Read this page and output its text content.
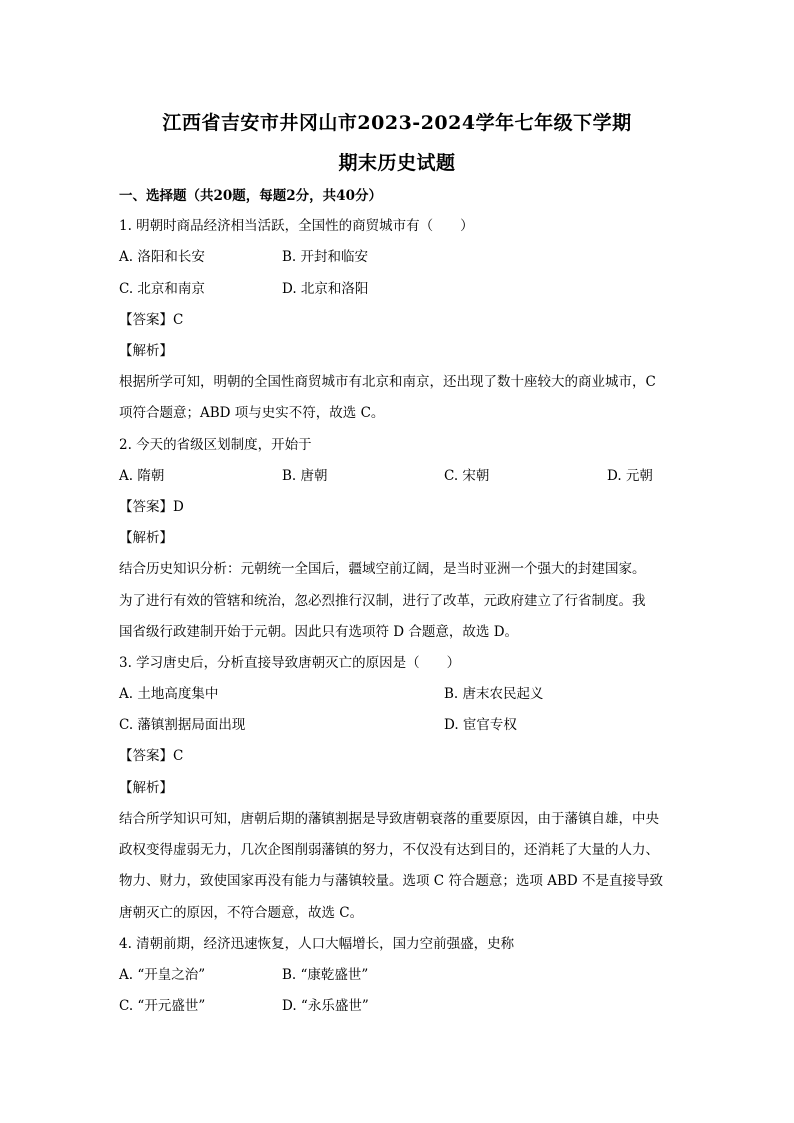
江西省吉安市井冈山市2023-2024学年七年级下学期
期末历史试题
一、选择题（共20题，每题2分，共40分）
1. 明朝时商品经济相当活跃，全国性的商贸城市有（　　）
A. 洛阳和长安	B. 开封和临安
C. 北京和南京	D. 北京和洛阳
【答案】C
【解析】
根据所学可知，明朝的全国性商贸城市有北京和南京，还出现了数十座较大的商业城市，C
项符合题意；ABD 项与史实不符，故选 C。
2. 今天的省级区划制度，开始于
A. 隋朝	B. 唐朝	C. 宋朝	D. 元朝
【答案】D
【解析】
结合历史知识分析：元朝统一全国后，疆域空前辽阔，是当时亚洲一个强大的封建国家。
为了进行有效的管辖和统治，忽必烈推行汉制，进行了改革，元政府建立了行省制度。我
国省级行政建制开始于元朝。因此只有选项符 D 合题意，故选 D。
3. 学习唐史后，分析直接导致唐朝灭亡的原因是（　　）
A. 土地高度集中	B. 唐末农民起义
C. 藩镇割据局面出现	D. 宦官专权
【答案】C
【解析】
结合所学知识可知，唐朝后期的藩镇割据是导致唐朝衰落的重要原因，由于藩镇自雄，中央
政权变得虚弱无力，几次企图削弱藩镇的努力，不仅没有达到目的，还消耗了大量的人力、
物力、财力，致使国家再没有能力与藩镇较量。选项 C 符合题意；选项 ABD 不是直接导致
唐朝灭亡的原因，不符合题意，故选 C。
4. 清朝前期，经济迅速恢复，人口大幅增长，国力空前强盛，史称
A. “开皇之治”	B. “康乾盛世”
C. “开元盛世”	D. “永乐盛世”
